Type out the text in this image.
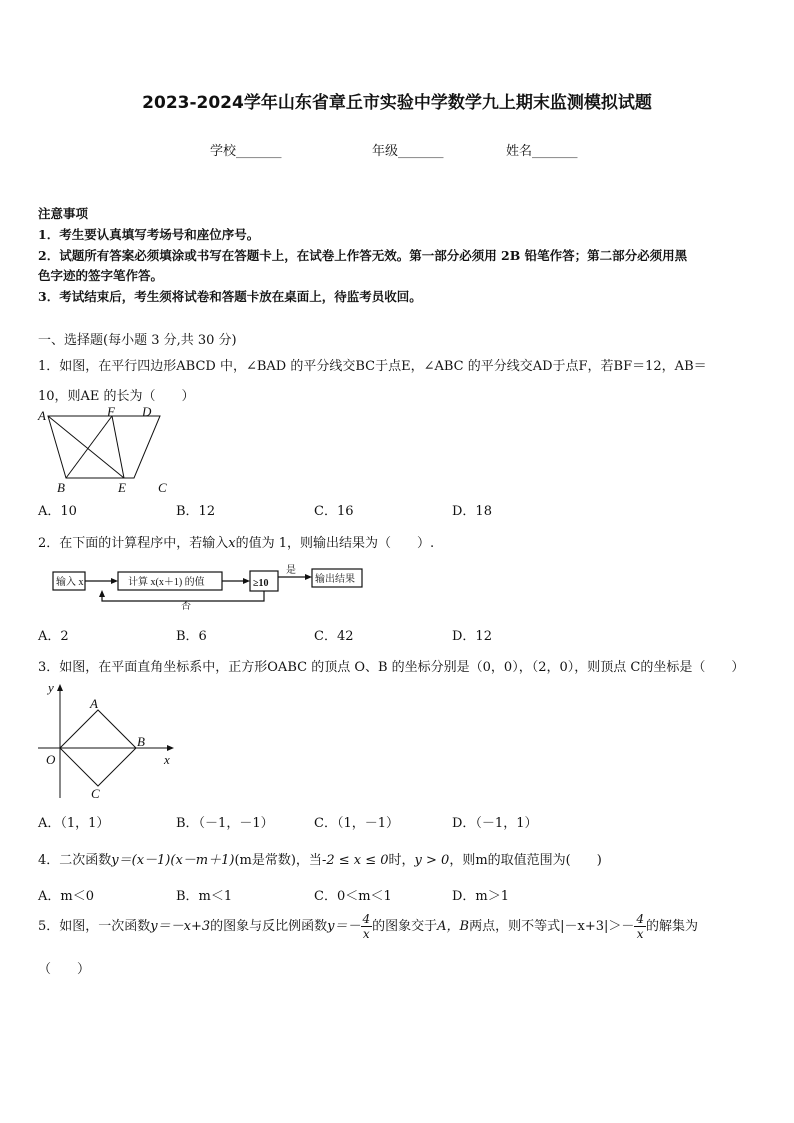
2023-2024学年山东省章丘市实验中学数学九上期末监测模拟试题
学校_______	年级_______	姓名_______
注意事项
1．考生要认真填写考场号和座位序号。
2．试题所有答案必须填涂或书写在答题卡上，在试卷上作答无效。第一部分必须用 2B 铅笔作答；第二部分必须用黑
色字迹的签字笔作答。
3．考试结束后，考生须将试卷和答题卡放在桌面上，待监考员收回。
一、选择题(每小题 3 分,共 30 分)
1．如图，在平行四边形ABCD 中，∠BAD 的平分线交BC于点E，∠ABC 的平分线交AD于点F，若BF＝12，AB＝
10，则AE 的长为（　　）
A	F D
B	E C
A．10	B．12	C．16	D．18
2．在下面的计算程序中，若输入x的值为 1，则输出结果为（　　）.
输入 x	计算 x(x＋1) 的值	≥10	输出结果
是
否
A．2	B．6	C．42	D．12
3．如图，在平面直角坐标系中，正方形OABC 的顶点 O、B 的坐标分别是（0，0），（2，0），则顶点 C的坐标是（　　）
y
x
O
A
B
C
A．（1，1）	B．（－1，－1）	C．（1，－1）	D．（－1，1）
4．二次函数y＝(x－1)(x－m＋1)(m是常数)，当-2 ≤ x ≤ 0时，y > 0，则m的取值范围为(　　)
A．m＜0	B．m＜1	C．0＜m＜1	D．m＞1
5．如图，一次函数y＝－x+3的图象与反比例函数$y=- \frac{4}{x}$ 的图象交于A，B两点，则不等式$|-x+3|>- \frac{4}{x}$ 的解集为
（　　）
